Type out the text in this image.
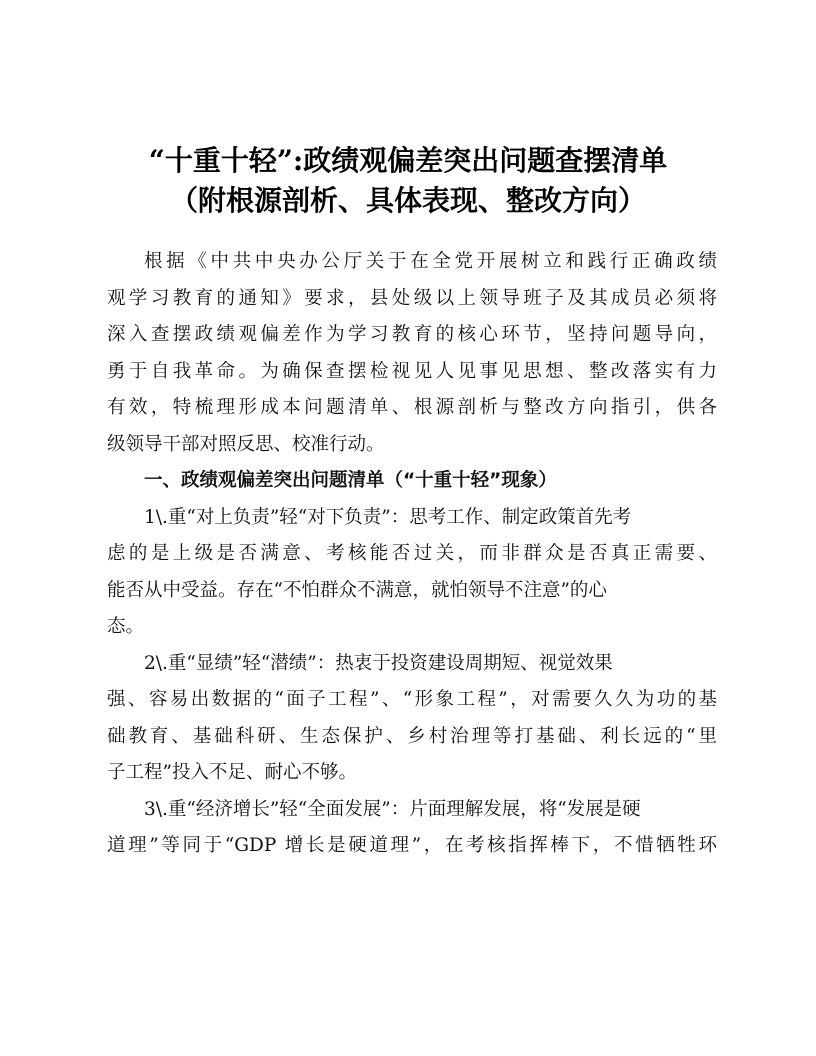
“十重十轻”:政绩观偏差突出问题查摆清单
（附根源剖析、具体表现、整改方向）
根据《中共中央办公厅关于在全党开展树立和践行正确政绩
观学习教育的通知》要求，县处级以上领导班子及其成员必须将
深入查摆政绩观偏差作为学习教育的核心环节，坚持问题导向，
勇于自我革命。为确保查摆检视见人见事见思想、整改落实有力
有效，特梳理形成本问题清单、根源剖析与整改方向指引，供各
级领导干部对照反思、校准行动。
一、政绩观偏差突出问题清单（“十重十轻”现象）
1\.重“对上负责”轻“对下负责”：思考工作、制定政策首先考
虑的是上级是否满意、考核能否过关，而非群众是否真正需要、
能否从中受益。存在“不怕群众不满意，就怕领导不注意”的心
态。
2\.重“显绩”轻“潜绩”：热衷于投资建设周期短、视觉效果
强、容易出数据的“面子工程”、“形象工程”，对需要久久为功的基
础教育、基础科研、生态保护、乡村治理等打基础、利长远的“里
子工程”投入不足、耐心不够。
3\.重“经济增长”轻“全面发展”：片面理解发展，将“发展是硬
道理”等同于“GDP 增长是硬道理”，在考核指挥棒下，不惜牺牲环
